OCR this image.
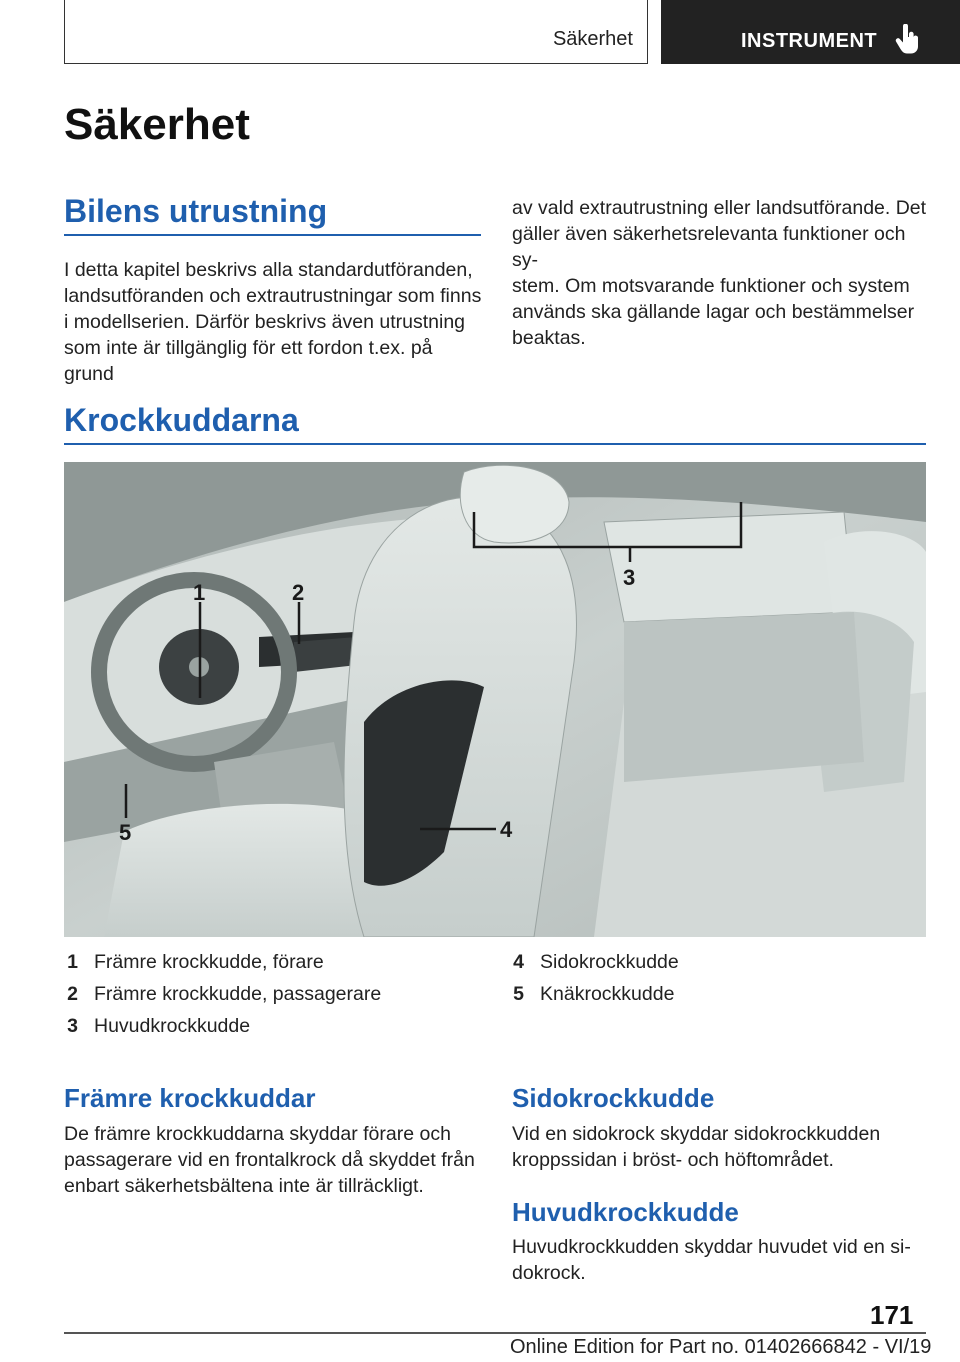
Säkerhet	INSTRUMENT
Säkerhet
Bilens utrustning

I detta kapitel beskrivs alla standardutföranden,

landsutföranden och extrautrustningar som finns

i modellserien. Därför beskrivs även utrustning

som inte är tillgänglig för ett fordon t.ex. på grund

av vald extrautrustning eller landsutförande. Det

gäller även säkerhetsrelevanta funktioner och sy-

stem. Om motsvarande funktioner och system

används ska gällande lagar och bestämmelser

beaktas.

Krockkuddarna
1	2
3
4
5
1 Främre krockkudde, förare
2 Främre krockkudde, passagerare
3 Huvudkrockkudde
4 Sidokrockkudde
5 Knäkrockkudde
Främre krockkuddar

De främre krockkuddarna skyddar förare och

passagerare vid en frontalkrock då skyddet från

enbart säkerhetsbältena inte är tillräckligt.

Sidokrockkudde

Vid en sidokrock skyddar sidokrockkudden

kroppssidan i bröst- och höftområdet.

Huvudkrockkudde

Huvudkrockkudden skyddar huvudet vid en si-

dokrock.

171
Online Edition for Part no. 01402666842 - VI/19
